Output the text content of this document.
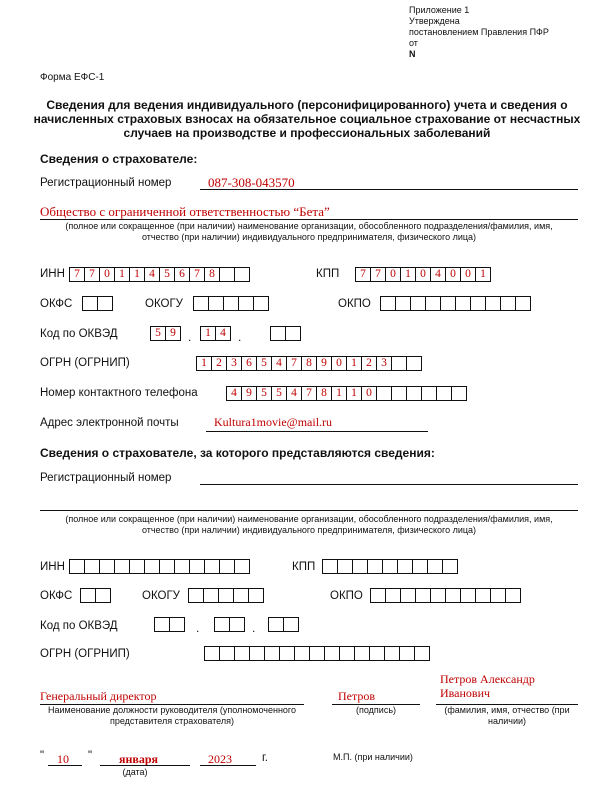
Приложение 1
Утверждена
постановлением Правления ПФР
от
N
Форма ЕФС-1
Сведения для ведения индивидуального (персонифицированного) учета и сведения о
начисленных страховых взносах на обязательное социальное страхование от несчастных
случаев на производстве и профессиональных заболеваний
Сведения о страхователе:
Регистрационный номер	087-308-043570
Общество с ограниченной ответственностью “Бета”
(полное или сокращенное (при наличии) наименование организации, обособленного подразделения/фамилия, имя,
отчество (при наличии) индивидуального предпринимателя, физического лица)
ИНН 7 7 0 1 1 4 5 6 7 8	КПП	7 7 0 1 0 4 0 0 1
ОКФС	ОКОГУ	ОКПО
Код по ОКВЭД	5 9	.	1 4	.
ОГРН (ОГРНИП)	1 2 3 6 5 4 7 8 9 0 1 2 3
Номер контактного телефона	4 9 5 5 4 7 8 1 1 0
Адрес электронной почты	Kultura1movie@mail.ru
Сведения о страхователе, за которого представляются сведения:
Регистрационный номер
(полное или сокращенное (при наличии) наименование организации, обособленного подразделения/фамилия, имя,
отчество (при наличии) индивидуального предпринимателя, физического лица)
ИНН	КПП
ОКФС	ОКОГУ	ОКПО
Код по ОКВЭД	.	.
ОГРН (ОГРНИП)
Генеральный директор
Наименование должности руководителя (уполномоченного
представителя страхователя)
Петров
(подпись)
Петров Александр
Иванович
(фамилия, имя, отчество (при
наличии)
" 10 " января	2023	г.
(дата)
М.П. (при наличии)
